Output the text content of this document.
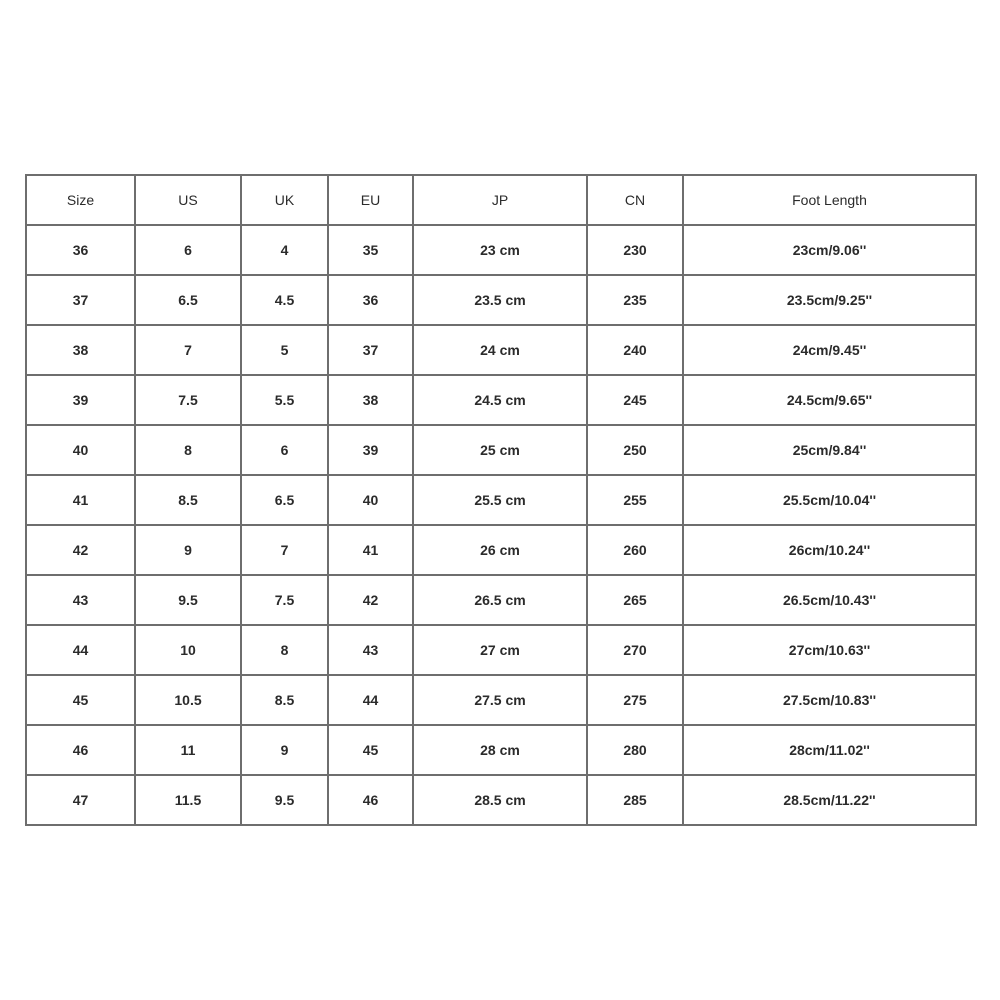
Size	US	UK	EU	JP	CN	Foot Length
36	6	4	35	23 cm	230	23cm/9.06''
37	6.5	4.5	36	23.5 cm	235	23.5cm/9.25''
38	7	5	37	24 cm	240	24cm/9.45''
39	7.5	5.5	38	24.5 cm	245	24.5cm/9.65''
40	8	6	39	25 cm	250	25cm/9.84''
41	8.5	6.5	40	25.5 cm	255	25.5cm/10.04''
42	9	7	41	26 cm	260	26cm/10.24''
43	9.5	7.5	42	26.5 cm	265	26.5cm/10.43''
44	10	8	43	27 cm	270	27cm/10.63''
45	10.5	8.5	44	27.5 cm	275	27.5cm/10.83''
46	11	9	45	28 cm	280	28cm/11.02''
47	11.5	9.5	46	28.5 cm	285	28.5cm/11.22''
